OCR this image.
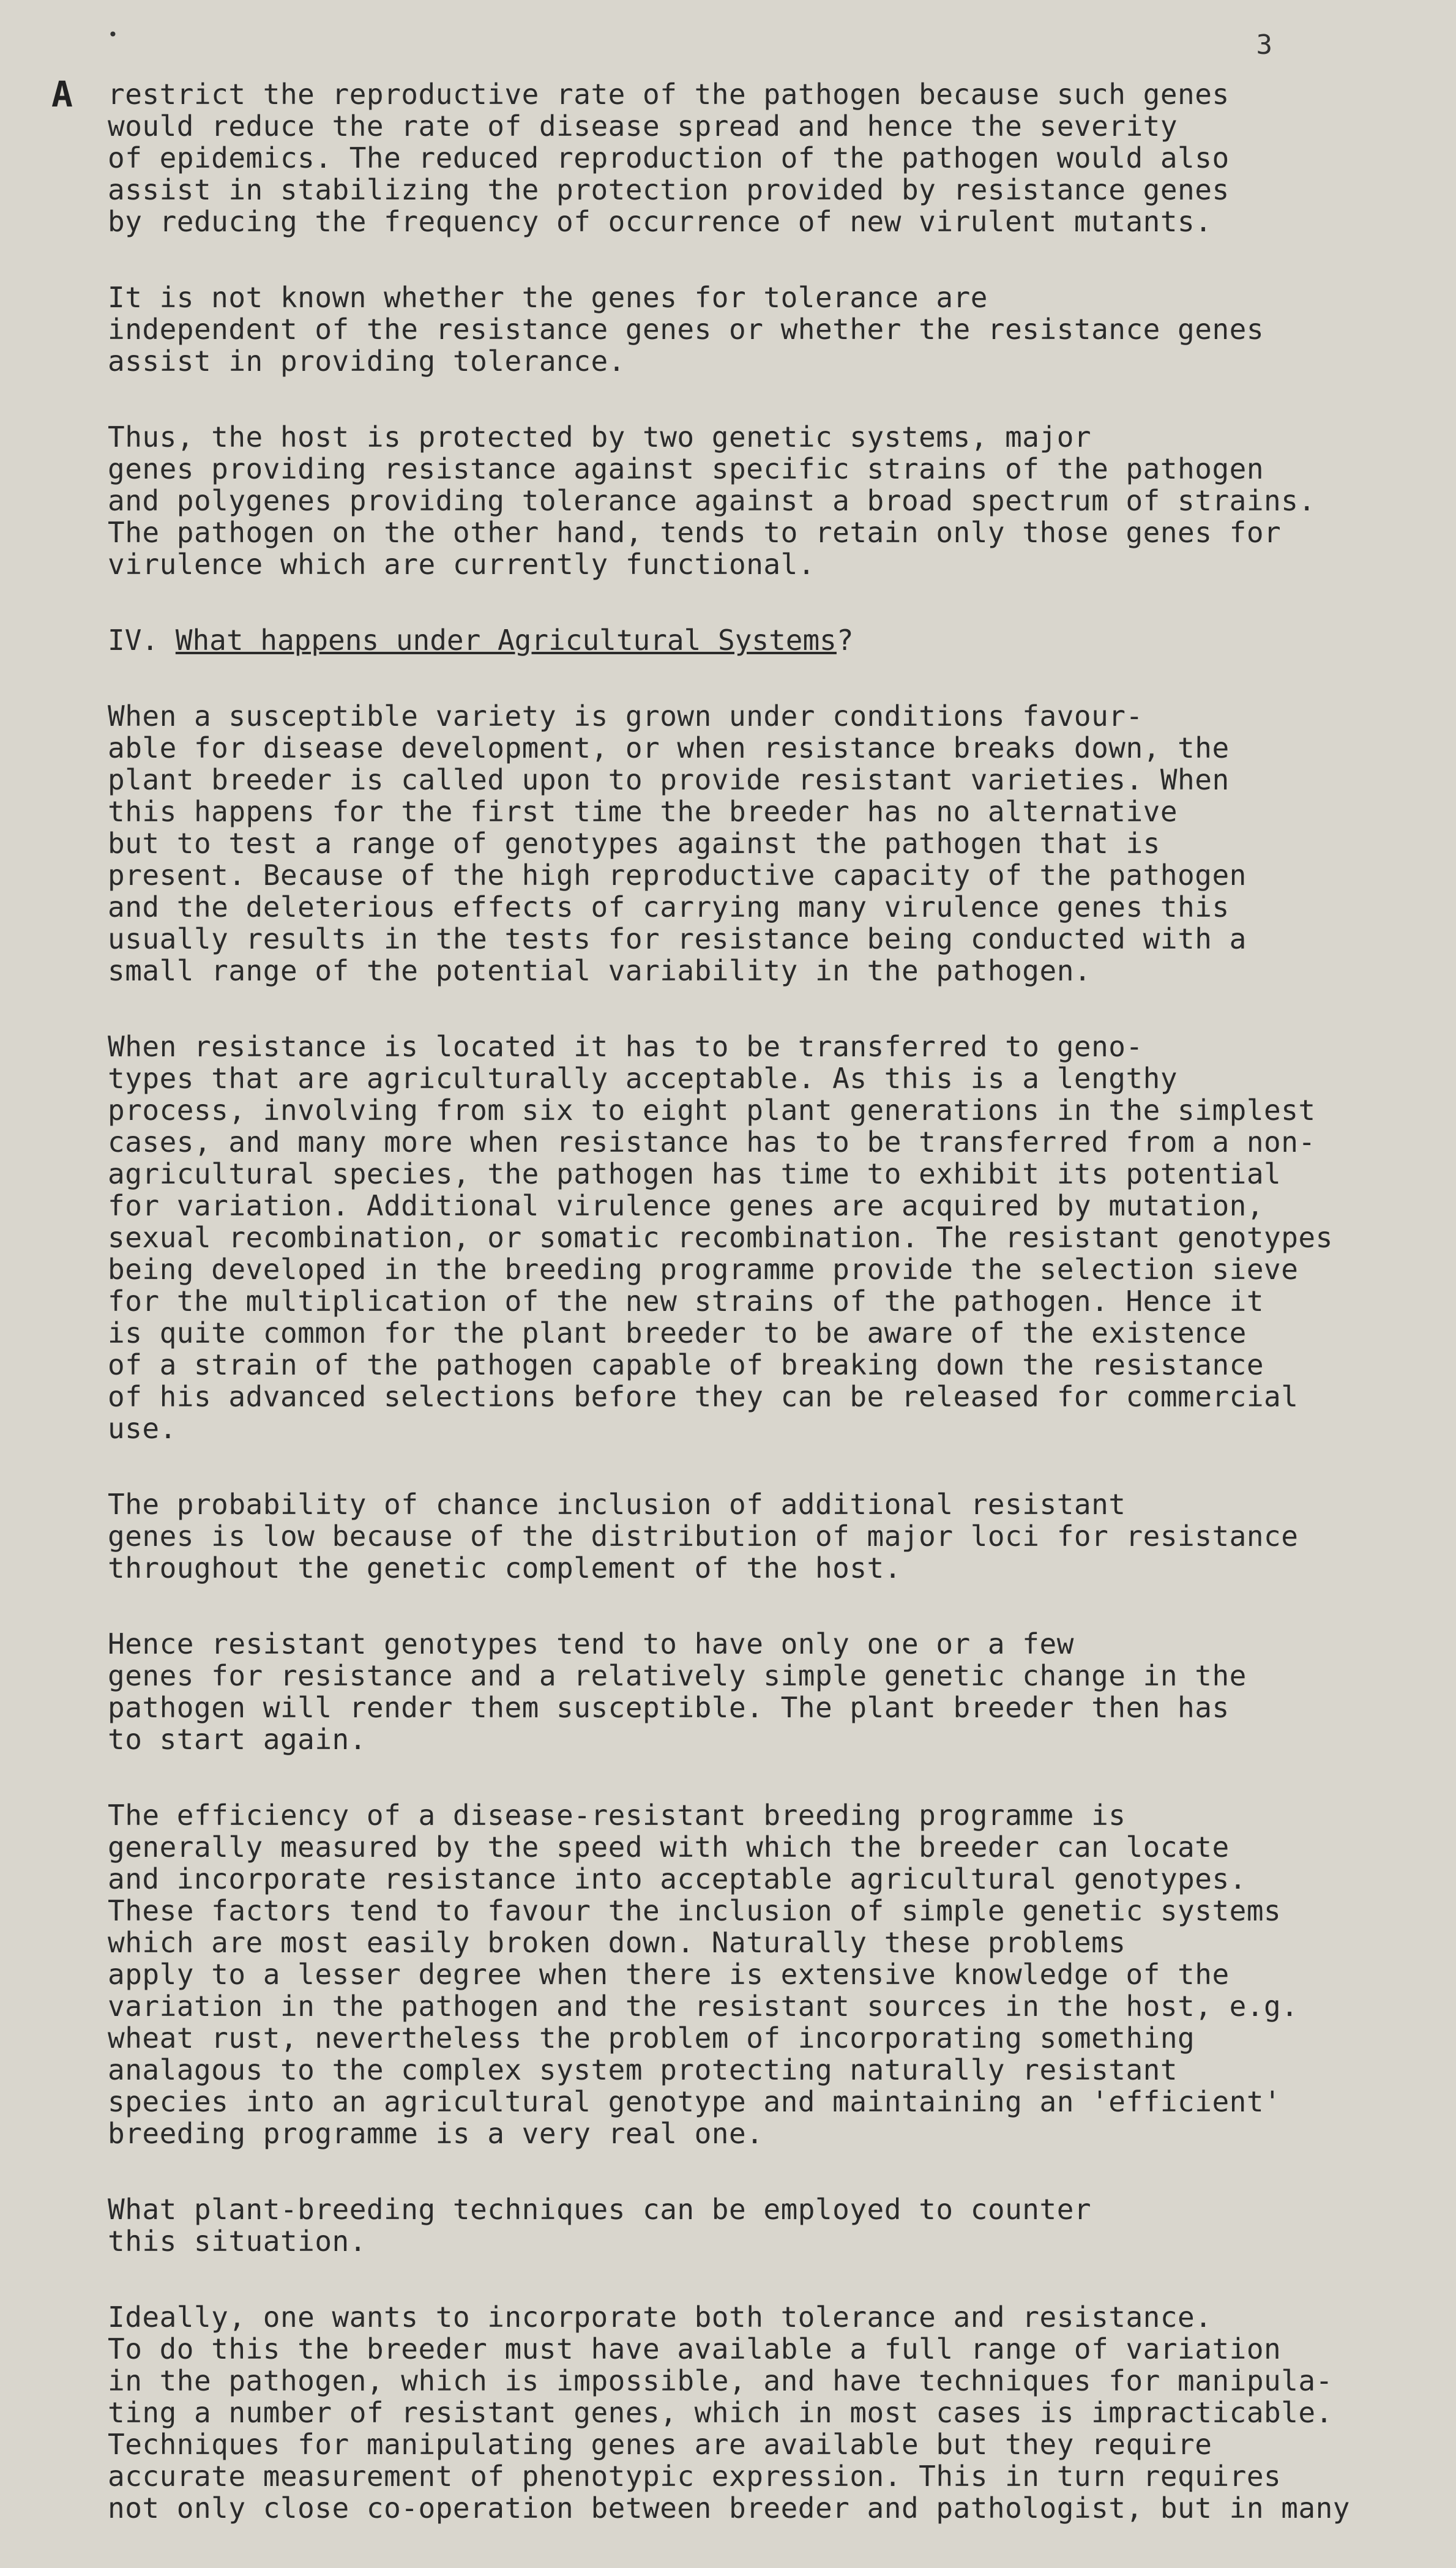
•	3
A restrict the reproductive rate of the pathogen because such genes
would reduce the rate of disease spread and hence the severity
of epidemics. The reduced reproduction of the pathogen would also
assist in stabilizing the protection provided by resistance genes
by reducing the frequency of occurrence of new virulent mutants.

It is not known whether the genes for tolerance are
independent of the resistance genes or whether the resistance genes
assist in providing tolerance.

Thus, the host is protected by two genetic systems, major
genes providing resistance against specific strains of the pathogen
and polygenes providing tolerance against a broad spectrum of strains.
The pathogen on the other hand, tends to retain only those genes for
virulence which are currently functional.

IV. What happens under Agricultural Systems?

When a susceptible variety is grown under conditions favour-
able for disease development, or when resistance breaks down, the
plant breeder is called upon to provide resistant varieties. When
this happens for the first time the breeder has no alternative
but to test a range of genotypes against the pathogen that is
present. Because of the high reproductive capacity of the pathogen
and the deleterious effects of carrying many virulence genes this
usually results in the tests for resistance being conducted with a
small range of the potential variability in the pathogen.

When resistance is located it has to be transferred to geno-
types that are agriculturally acceptable. As this is a lengthy
process, involving from six to eight plant generations in the simplest
cases, and many more when resistance has to be transferred from a non-
agricultural species, the pathogen has time to exhibit its potential
for variation. Additional virulence genes are acquired by mutation,
sexual recombination, or somatic recombination. The resistant genotypes
being developed in the breeding programme provide the selection sieve
for the multiplication of the new strains of the pathogen. Hence it
is quite common for the plant breeder to be aware of the existence
of a strain of the pathogen capable of breaking down the resistance
of his advanced selections before they can be released for commercial
use.

The probability of chance inclusion of additional resistant
genes is low because of the distribution of major loci for resistance
throughout the genetic complement of the host.

Hence resistant genotypes tend to have only one or a few
genes for resistance and a relatively simple genetic change in the
pathogen will render them susceptible. The plant breeder then has
to start again.

The efficiency of a disease-resistant breeding programme is
generally measured by the speed with which the breeder can locate
and incorporate resistance into acceptable agricultural genotypes.
These factors tend to favour the inclusion of simple genetic systems
which are most easily broken down. Naturally these problems
apply to a lesser degree when there is extensive knowledge of the
variation in the pathogen and the resistant sources in the host, e.g.
wheat rust, nevertheless the problem of incorporating something
analagous to the complex system protecting naturally resistant
species into an agricultural genotype and maintaining an 'efficient'
breeding programme is a very real one.

What plant-breeding techniques can be employed to counter
this situation.

Ideally, one wants to incorporate both tolerance and resistance.
To do this the breeder must have available a full range of variation
in the pathogen, which is impossible, and have techniques for manipula-
ting a number of resistant genes, which in most cases is impracticable.
Techniques for manipulating genes are available but they require
accurate measurement of phenotypic expression. This in turn requires
not only close co-operation between breeder and pathologist, but in many
